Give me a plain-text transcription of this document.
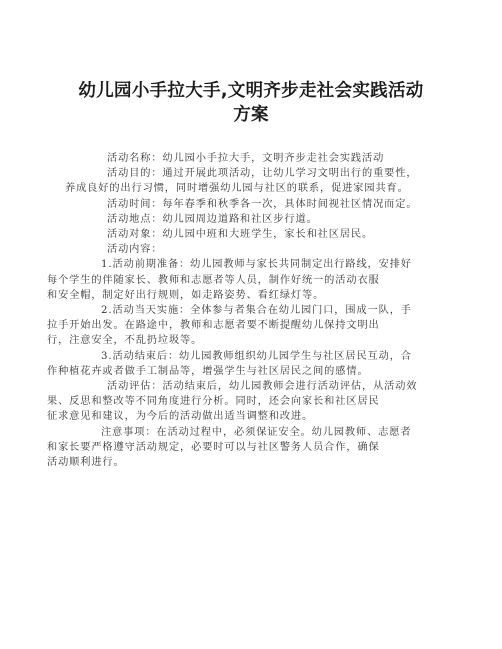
幼儿园小手拉大手,文明齐步走社会实践活动
方案
活动名称：幼儿园小手拉大手，文明齐步走社会实践活动
活动目的：通过开展此项活动，让幼儿学习文明出行的重要性，
养成良好的出行习惯，同时增强幼儿园与社区的联系，促进家园共育。
活动时间：每年春季和秋季各一次，具体时间视社区情况而定。
活动地点：幼儿园周边道路和社区步行道。
活动对象：幼儿园中班和大班学生，家长和社区居民。
活动内容：
1.活动前期准备：幼儿园教师与家长共同制定出行路线，安排好
每个学生的伴随家长、教师和志愿者等人员，制作好统一的活动衣服
和安全帽，制定好出行规则，如走路姿势、看红绿灯等。
2.活动当天实施：全体参与者集合在幼儿园门口，围成一队，手
拉手开始出发。在路途中，教师和志愿者要不断提醒幼儿保持文明出
行，注意安全，不乱扔垃圾等。
3.活动结束后：幼儿园教师组织幼儿园学生与社区居民互动，合
作种植花卉或者做手工制品等，增强学生与社区居民之间的感情。
活动评估：活动结束后，幼儿园教师会进行活动评估，从活动效
果、反思和整改等不同角度进行分析。同时，还会向家长和社区居民
征求意见和建议，为今后的活动做出适当调整和改进。
注意事项：在活动过程中，必须保证安全。幼儿园教师、志愿者
和家长要严格遵守活动规定，必要时可以与社区警务人员合作，确保
活动顺利进行。
